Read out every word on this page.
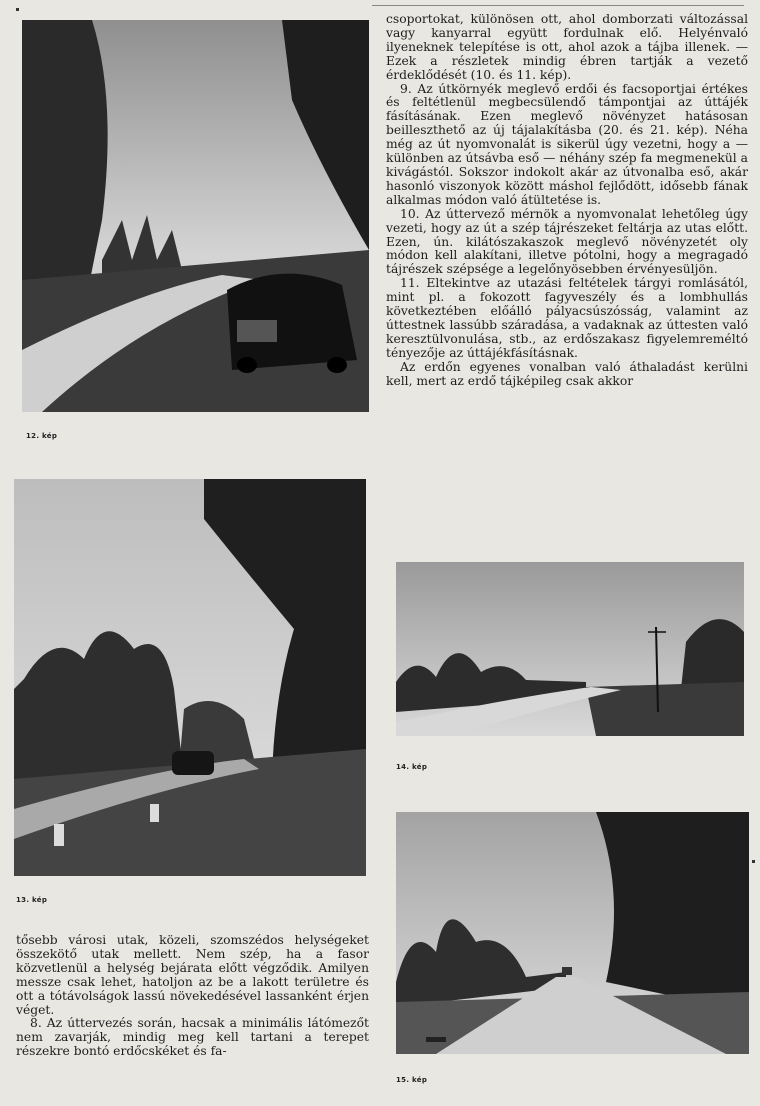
12. kép

csoportokat, különösen ott, ahol domborzati változással vagy kanyarral együtt fordulnak elő. Helyénvaló ilyeneknek telepítése is ott, ahol azok a tájba illenek. — Ezek a részletek mindig ébren tartják a vezető érdeklődését (10. és 11. kép).

9. Az útkörnyék meglevő erdői és facsoportjai értékes és feltétlenül megbecsülendő támpontjai az úttájék fásításának. Ezen meglevő növényzet hatásosan beilleszthető az új tájalakításba (20. és 21. kép). Néha még az út nyomvonalát is sikerül úgy vezetni, hogy a — különben az útsávba eső — néhány szép fa megmenekül a kivágástól. Sokszor indokolt akár az útvonalba eső, akár hasonló viszonyok között máshol fejlődött, idősebb fának alkalmas módon való átültetése is.

10. Az úttervező mérnök a nyomvonalat lehetőleg úgy vezeti, hogy az út a szép tájrészeket feltárja az utas előtt. Ezen, ún. kilátószakaszok meglevő növényzetét oly módon kell alakítani, illetve pótolni, hogy a megragadó tájrészek szépsége a legelőnyösebben érvényesüljön.

11. Eltekintve az utazási feltételek tárgyi romlásától, mint pl. a fokozott fagyveszély és a lombhullás következtében előálló pályacsúszósság, valamint az úttestnek lassúbb száradása, a vadaknak az úttesten való keresztülvonulása, stb., az erdőszakasz figyelemreméltó tényezője az úttájékfásításnak.

Az erdőn egyenes vonalban való áthaladást kerülni kell, mert az erdő tájképileg csak akkor

13. kép
14. kép
15. kép

tősebb városi utak, közeli, szomszédos helységeket összekötő utak mellett. Nem szép, ha a fasor közvetlenül a helység bejárata előtt végződik. Amilyen messze csak lehet, hatoljon az be a lakott területre és ott a tótávolságok lassú növekedésével lassanként érjen véget.

8. Az úttervezés során, hacsak a minimális látómezőt nem zavarják, mindig meg kell tartani a terepet részekre bontó erdőcskéket és fa-
